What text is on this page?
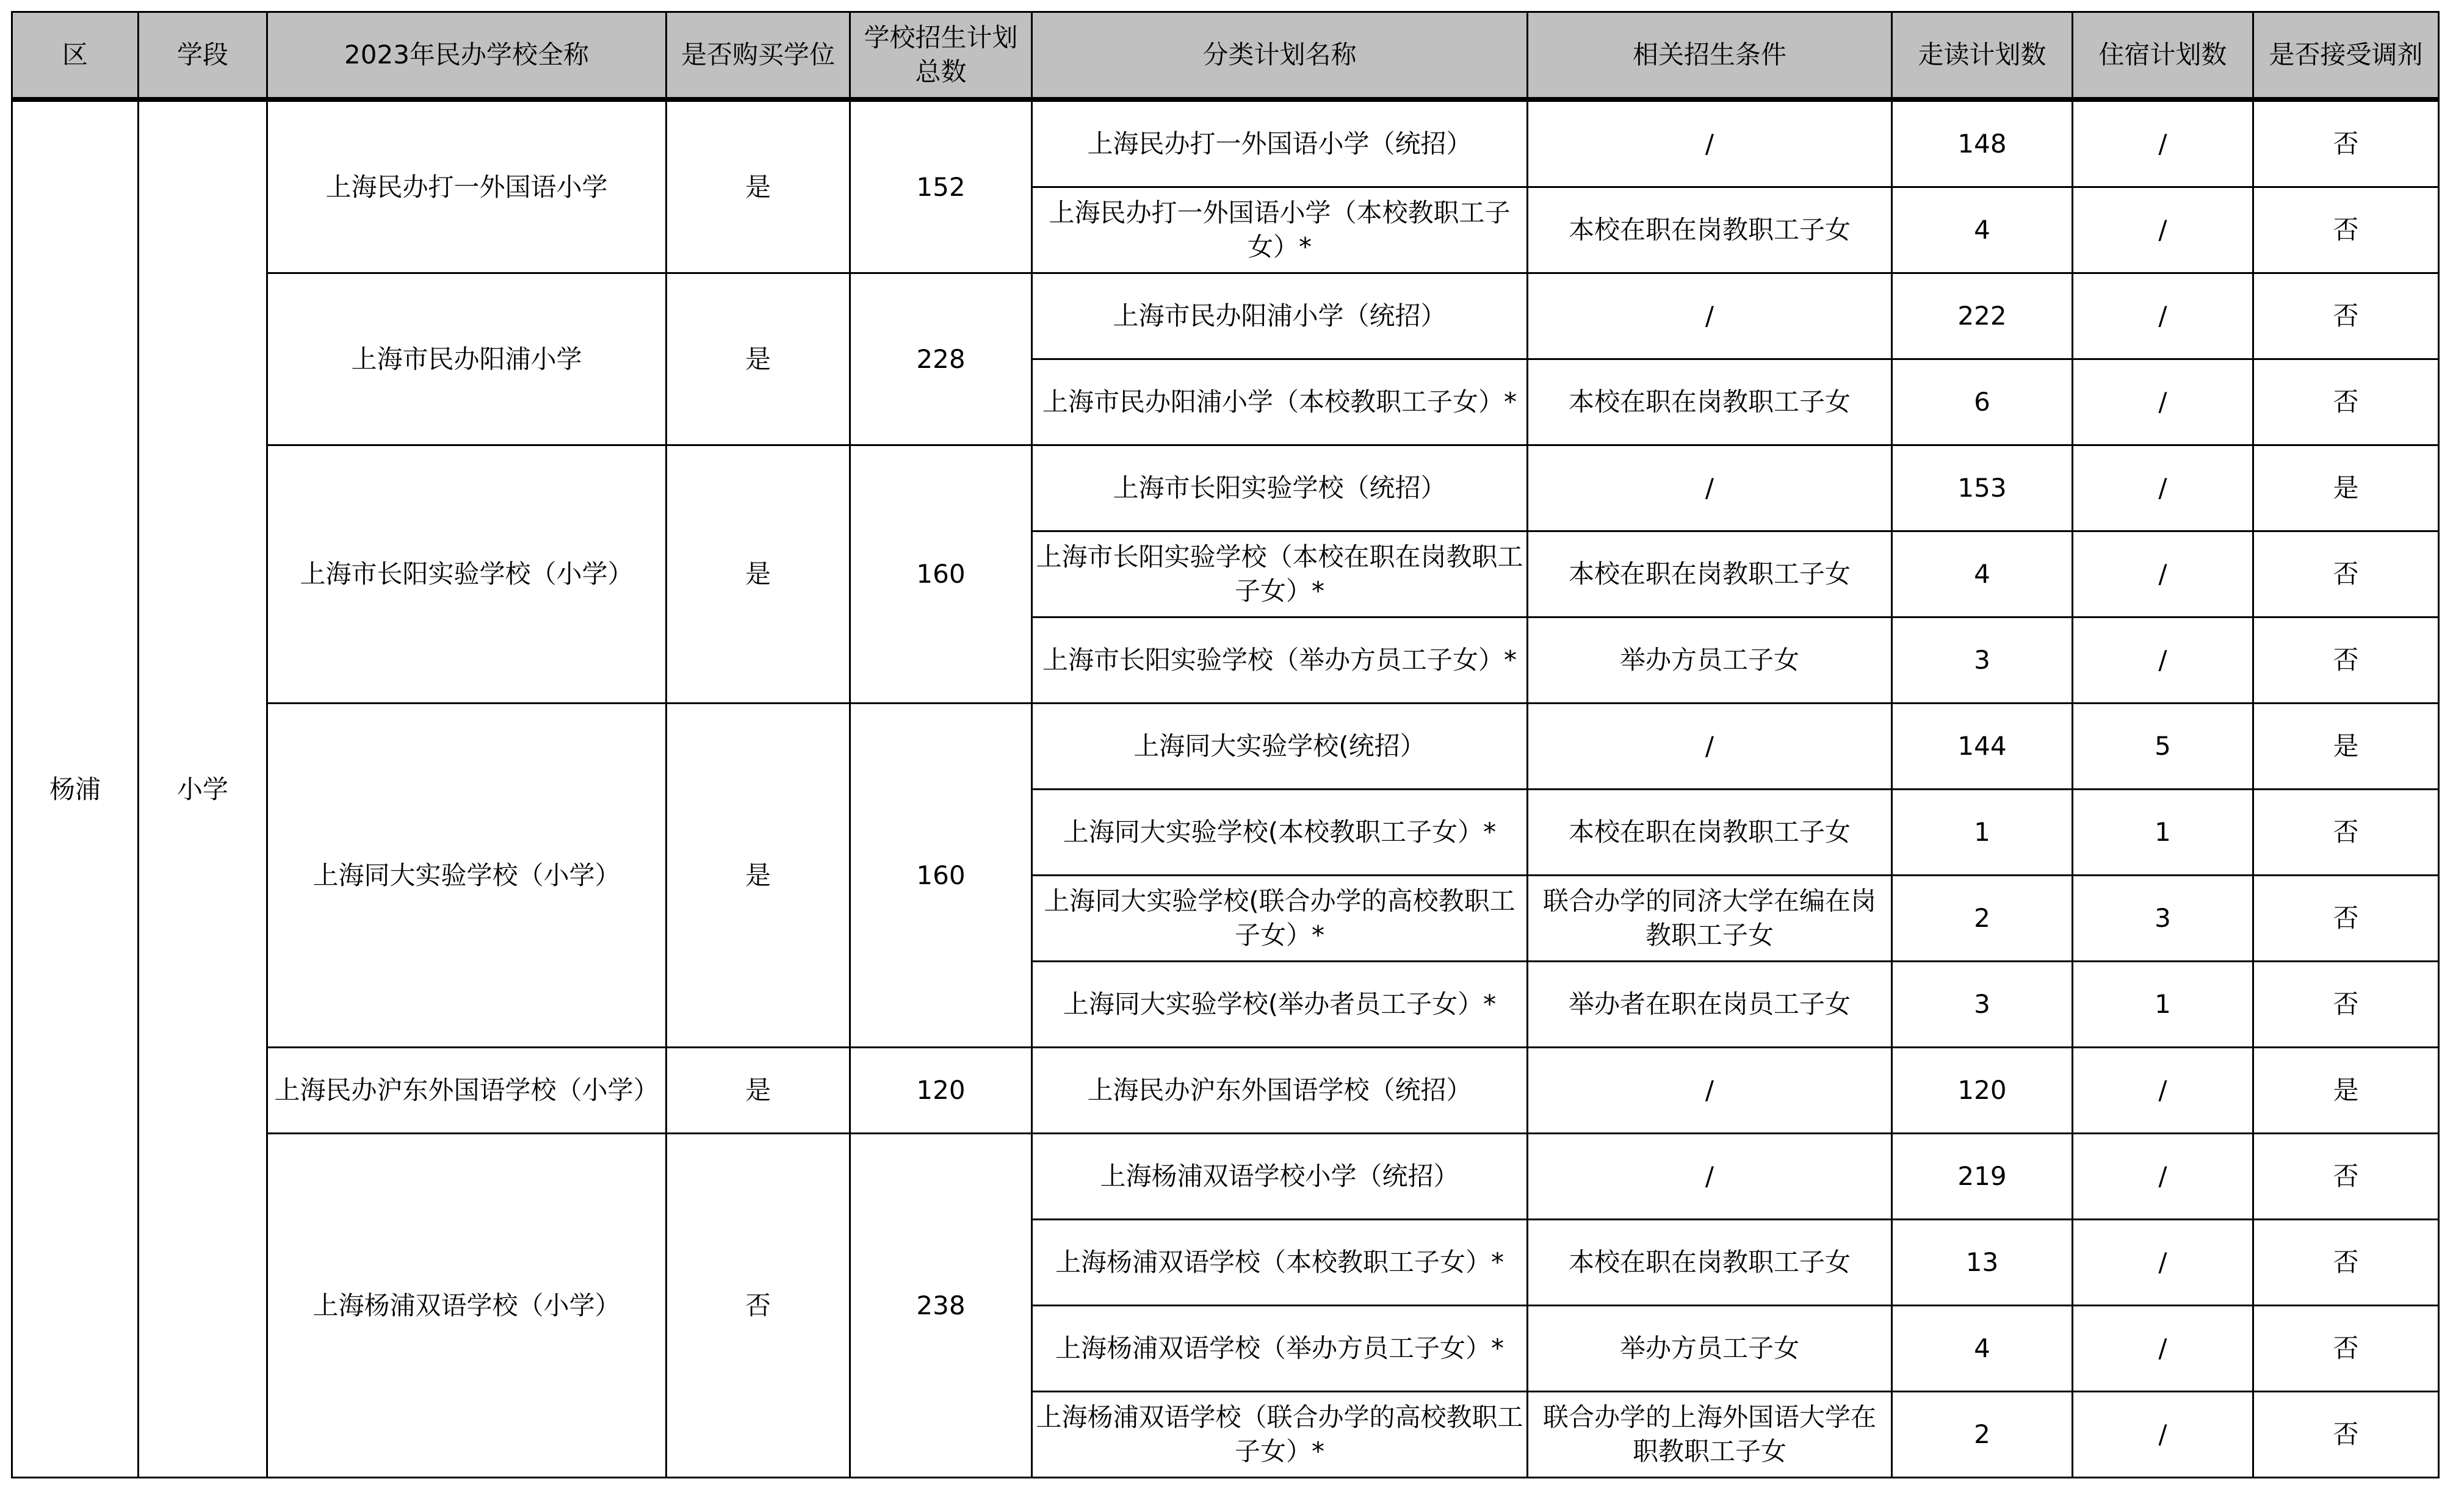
区	学段	2023年民办学校全称	是否购买学位	学校招生计划总数	分类计划名称	相关招生条件	走读计划数	住宿计划数	是否接受调剂
杨浦	小学	上海民办打一外国语小学	是	152	上海民办打一外国语小学（统招）	/	148	/	否
					上海民办打一外国语小学（本校教职工子女）*	本校在职在岗教职工子女	4	/	否
		上海市民办阳浦小学	是	228	上海市民办阳浦小学（统招）	/	222	/	否
					上海市民办阳浦小学（本校教职工子女）*	本校在职在岗教职工子女	6	/	否
		上海市长阳实验学校（小学）	是	160	上海市长阳实验学校（统招）	/	153	/	是
					上海市长阳实验学校（本校在职在岗教职工子女）*	本校在职在岗教职工子女	4	/	否
					上海市长阳实验学校（举办方员工子女）*	举办方员工子女	3	/	否
		上海同大实验学校（小学）	是	160	上海同大实验学校(统招）	/	144	5	是
					上海同大实验学校(本校教职工子女）*	本校在职在岗教职工子女	1	1	否
					上海同大实验学校(联合办学的高校教职工子女）*	联合办学的同济大学在编在岗教职工子女	2	3	否
					上海同大实验学校(举办者员工子女）*	举办者在职在岗员工子女	3	1	否
		上海民办沪东外国语学校（小学）	是	120	上海民办沪东外国语学校（统招）	/	120	/	是
		上海杨浦双语学校（小学）	否	238	上海杨浦双语学校小学（统招）	/	219	/	否
					上海杨浦双语学校（本校教职工子女）*	本校在职在岗教职工子女	13	/	否
					上海杨浦双语学校（举办方员工子女）*	举办方员工子女	4	/	否
					上海杨浦双语学校（联合办学的高校教职工子女）*	联合办学的上海外国语大学在职教职工子女	2	/	否
